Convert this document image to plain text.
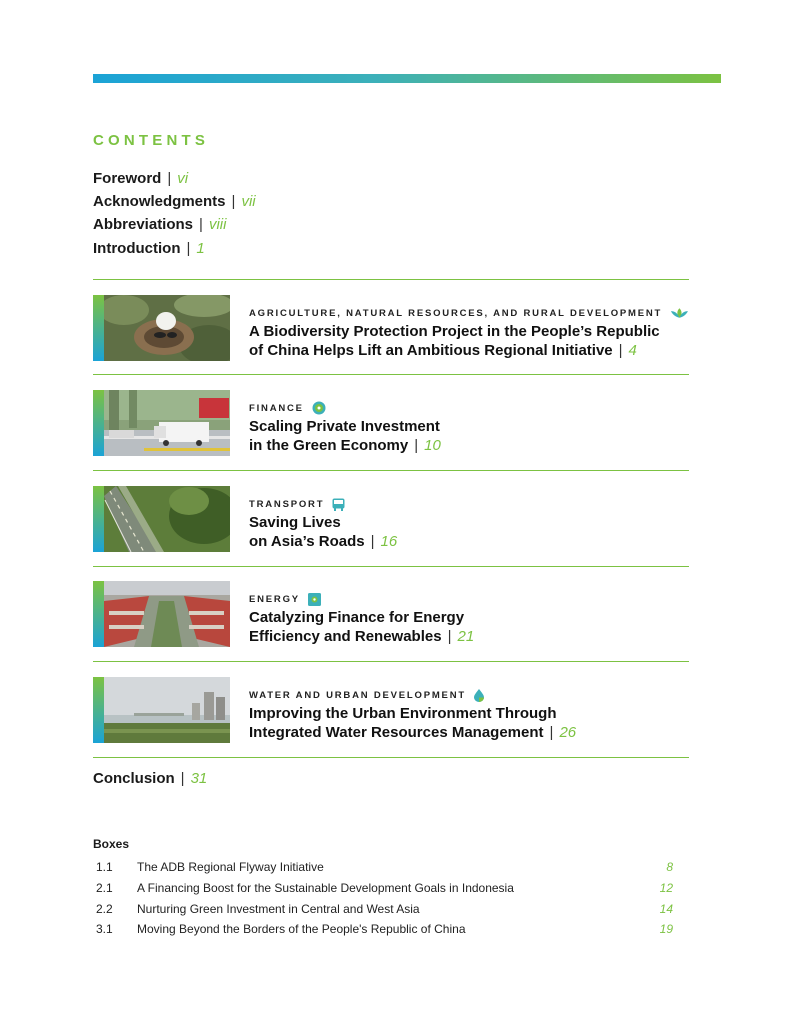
CONTENTS
Foreword | vi
Acknowledgments | vii
Abbreviations | viii
Introduction | 1
AGRICULTURE, NATURAL RESOURCES, AND RURAL DEVELOPMENT
A Biodiversity Protection Project in the People’s Republic
of China Helps Lift an Ambitious Regional Initiative | 4
FINANCE
Scaling Private Investment
in the Green Economy | 10
TRANSPORT
Saving Lives
on Asia’s Roads | 16
ENERGY
Catalyzing Finance for Energy
Efficiency and Renewables | 21
WATER AND URBAN DEVELOPMENT
Improving the Urban Environment Through
Integrated Water Resources Management | 26
Conclusion | 31
Boxes
1.1 The ADB Regional Flyway Initiative	8
2.1 A Financing Boost for the Sustainable Development Goals in Indonesia	12
2.2 Nurturing Green Investment in Central and West Asia	14
3.1 Moving Beyond the Borders of the People's Republic of China	19
